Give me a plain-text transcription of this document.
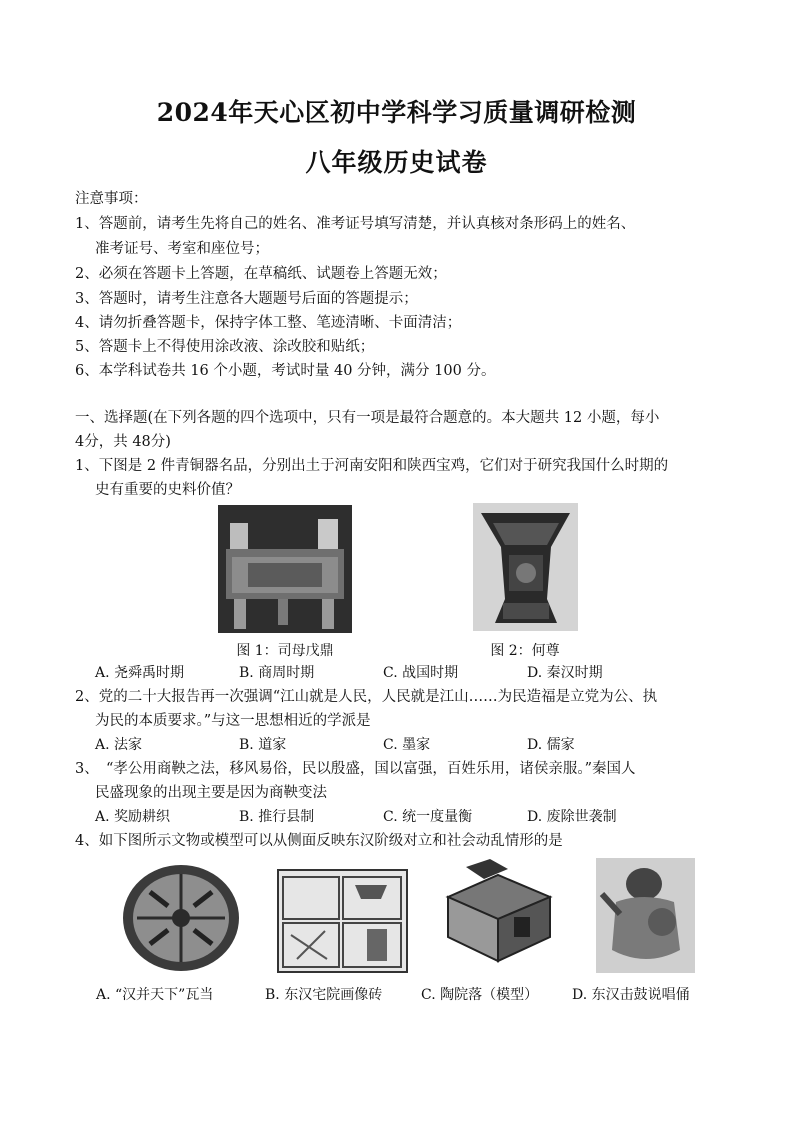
2024年天心区初中学科学习质量调研检测
八年级历史试卷
注意事项：
1、答题前，请考生先将自己的姓名、准考证号填写清楚，并认真核对条形码上的姓名、
准考证号、考室和座位号；
2、必须在答题卡上答题，在草稿纸、试题卷上答题无效；
3、答题时，请考生注意各大题题号后面的答题提示；
4、请勿折叠答题卡，保持字体工整、笔迹清晰、卡面清洁；
5、答题卡上不得使用涂改液、涂改胶和贴纸；
6、本学科试卷共 16 个小题，考试时量 40 分钟，满分 100 分。
一、选择题(在下列各题的四个选项中，只有一项是最符合题意的。本大题共 12 小题，每小
4分，共 48分)
1、下图是 2 件青铜器名品，分别出土于河南安阳和陕西宝鸡，它们对于研究我国什么时期的
史有重要的史料价值？
图 1：司母戊鼎	图 2：何尊
A. 尧舜禹时期	B. 商周时期	C. 战国时期	D. 秦汉时期
2、党的二十大报告再一次强调“江山就是人民，人民就是江山……为民造福是立党为公、执
为民的本质要求。”与这一思想相近的学派是
A. 法家	B. 道家	C. 墨家	D. 儒家
3、　“孝公用商鞅之法，移风易俗，民以殷盛，国以富强，百姓乐用，诸侯亲服。”秦国人
民盛现象的出现主要是因为商鞅变法
A. 奖励耕织	B. 推行县制	C. 统一度量衡	D. 废除世袭制
4、如下图所示文物或模型可以从侧面反映东汉阶级对立和社会动乱情形的是
A. “汉并天下”瓦当	B. 东汉宅院画像砖	C. 陶院落（模型） D. 东汉击鼓说唱俑
